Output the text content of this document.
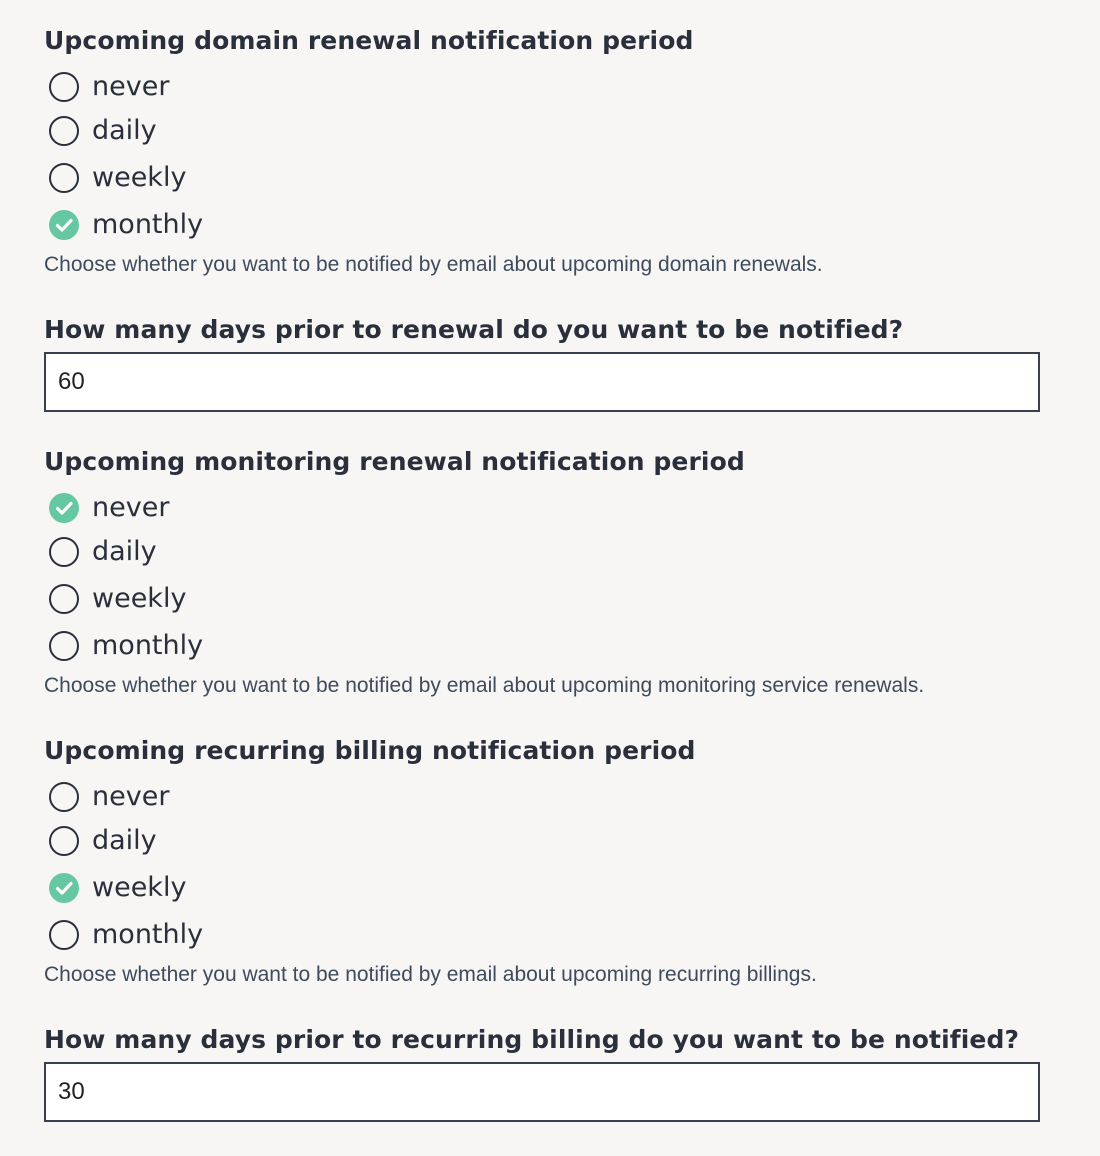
Upcoming domain renewal notification period
never
daily
weekly
monthly
Choose whether you want to be notified by email about upcoming domain renewals.
How many days prior to renewal do you want to be notified?
60
Upcoming monitoring renewal notification period
never
daily
weekly
monthly
Choose whether you want to be notified by email about upcoming monitoring service renewals.
Upcoming recurring billing notification period
never
daily
weekly
monthly
Choose whether you want to be notified by email about upcoming recurring billings.
How many days prior to recurring billing do you want to be notified?
30
